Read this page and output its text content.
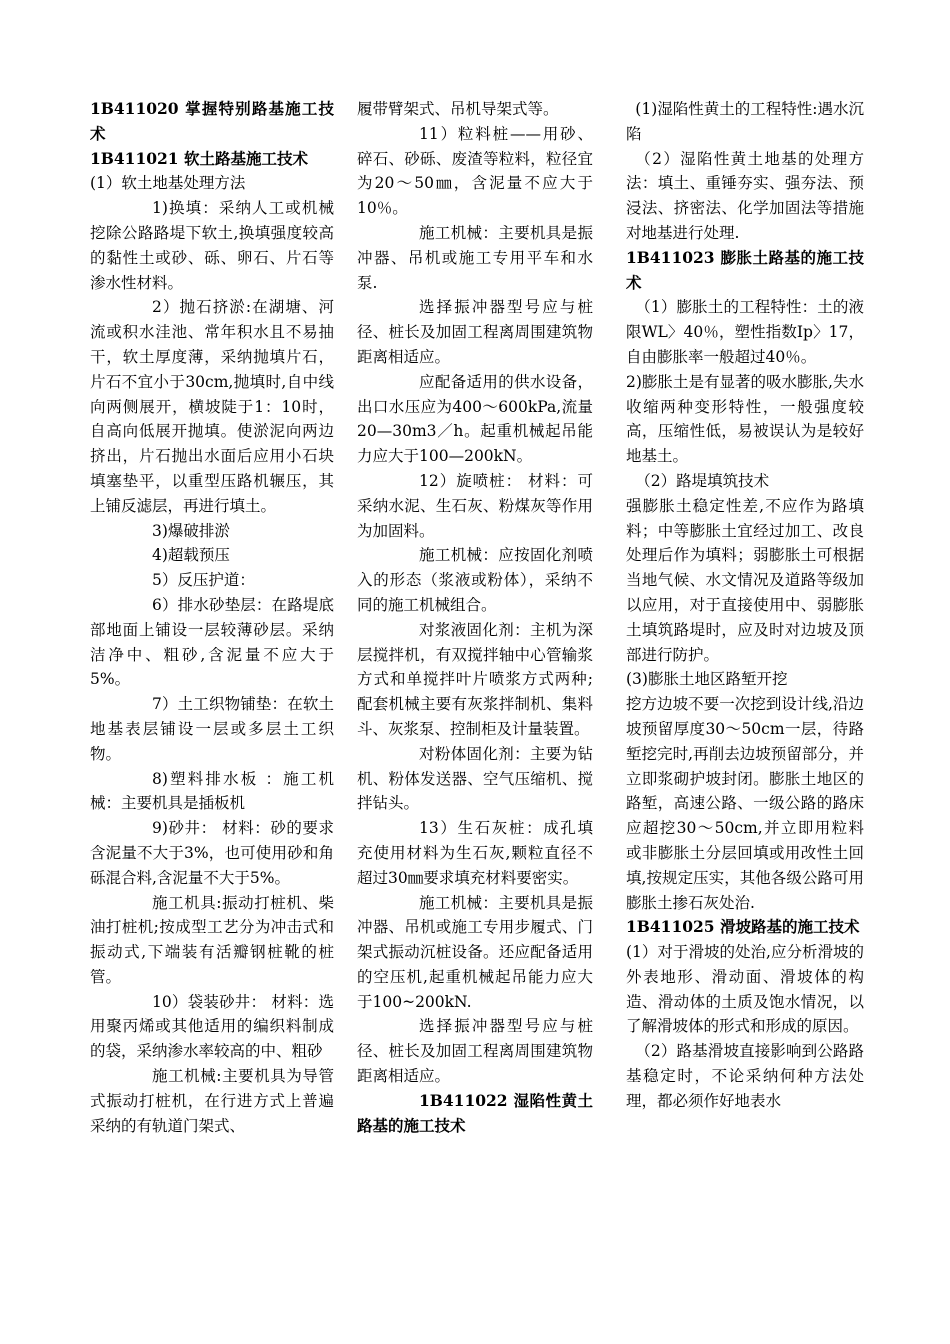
1B411020 掌握特别路基施工技术

1B411021 软土路基施工技术

(1）软土地基处理方法

1)换填：采纳人工或机械挖除公路路堤下软土,换填强度较高的黏性土或砂、砾、卵石、片石等渗水性材料。

2）抛石挤淤:在湖塘、河流或积水洼池、常年积水且不易抽干，软土厚度薄，采纳抛填片石，片石不宜小于30cm,抛填时,自中线向两侧展开，横坡陡于1：10时，自高向低展开抛填。使淤泥向两边挤出，片石抛出水面后应用小石块填塞垫平，以重型压路机辗压，其上铺反滤层，再进行填土。

3)爆破排淤

4)超载预压

5）反压护道：

6）排水砂垫层：在路堤底部地面上铺设一层较薄砂层。采纳洁净中、粗砂,含泥量不应大于5%。

7）土工织物铺垫：在软土地基表层铺设一层或多层土工织物。

8)塑料排水板 ：施工机械：主要机具是插板机

9)砂井： 材料：砂的要求含泥量不大于3%，也可使用砂和角砾混合料,含泥量不大于5%。

施工机具:振动打桩机、柴油打桩机;按成型工艺分为冲击式和振动式,下端装有活瓣钢桩靴的桩管。

10）袋装砂井： 材料：选用聚丙烯或其他适用的编织料制成的袋，采纳渗水率较高的中、粗砂

施工机械:主要机具为导管式振动打桩机，在行进方式上普遍采纳的有轨道门架式、

履带臂架式、吊机导架式等。

11）粒料桩——用砂、碎石、砂砾、废渣等粒料，粒径宜为20～50㎜，含泥量不应大于10％。

施工机械：主要机具是振冲器、吊机或施工专用平车和水泵.

选择振冲器型号应与桩径、桩长及加固工程离周围建筑物距离相适应。

应配备适用的供水设备，出口水压应为400～600kPa,流量20—30m3／h。起重机械起吊能力应大于100—200kN。

12）旋喷桩： 材料：可采纳水泥、生石灰、粉煤灰等作用为加固料。

施工机械：应按固化剂喷入的形态（浆液或粉体），采纳不同的施工机械组合。

对浆液固化剂：主机为深层搅拌机，有双搅拌轴中心管输浆方式和单搅拌叶片喷浆方式两种;配套机械主要有灰浆拌制机、集料斗、灰浆泵、控制柜及计量装置。

对粉体固化剂：主要为钻机、粉体发送器、空气压缩机、搅拌钻头。

13）生石灰桩：成孔填充使用材料为生石灰,颗粒直径不超过30㎜要求填充材料要密实。

施工机械：主要机具是振冲器、吊机或施工专用步履式、门架式振动沉桩设备。还应配备适用的空压机,起重机械起吊能力应大于100~200kN.

选择振冲器型号应与桩径、桩长及加固工程离周围建筑物距离相适应。

1B411022 湿陷性黄土路基的施工技术

(1)湿陷性黄土的工程特性:遇水沉陷

（2）湿陷性黄土地基的处理方法：填土、重锤夯实、强夯法、预浸法、挤密法、化学加固法等措施对地基进行处理.

1B411023 膨胀土路基的施工技术

（1）膨胀土的工程特性：土的液限WL〉40％，塑性指数Ip〉17，自由膨胀率一般超过40％。

2)膨胀土是有显著的吸水膨胀,失水收缩两种变形特性，一般强度较高，压缩性低，易被误认为是较好地基土。

（2）路堤填筑技术

强膨胀土稳定性差,不应作为路填料；中等膨胀土宜经过加工、改良处理后作为填料；弱膨胀土可根据当地气候、水文情况及道路等级加以应用，对于直接使用中、弱膨胀土填筑路堤时，应及时对边坡及顶部进行防护。

(3)膨胀土地区路堑开挖

挖方边坡不要一次挖到设计线,沿边坡预留厚度30～50cm一层，待路堑挖完时,再削去边坡预留部分，并立即浆砌护坡封闭。膨胀土地区的路堑，高速公路、一级公路的路床应超挖30～50cm,并立即用粒料或非膨胀土分层回填或用改性土回填,按规定压实，其他各级公路可用膨胀土掺石灰处治.

1B411025 滑坡路基的施工技术

(1）对于滑坡的处治,应分析滑坡的外表地形、滑动面、滑坡体的构造、滑动体的土质及饱水情况，以了解滑坡体的形式和形成的原因。

（2）路基滑坡直接影响到公路路基稳定时，不论采纳何种方法处理，都必须作好地表水
